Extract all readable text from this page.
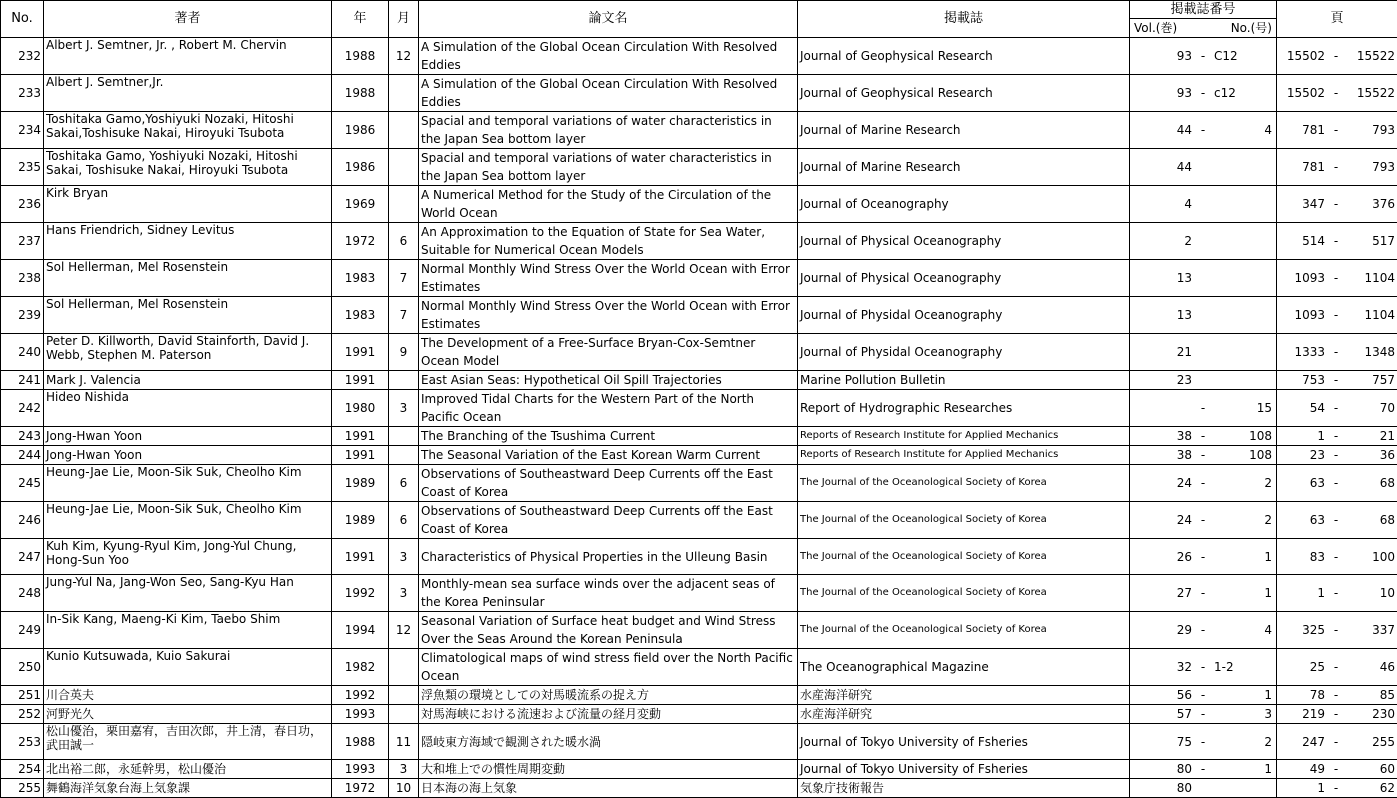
No.	著者	年	月	論文名	掲載誌	掲載誌番号
Vol.(巻) No.(号)	頁
232	Albert J. Semtner, Jr. , Robert M. Chervin	1988	12	A Simulation of the Global Ocean Circulation With Resolved Eddies	Journal of Geophysical Research	93 - C12	15502 - 15522

233	Albert J. Semtner,Jr.	1988		A Simulation of the Global Ocean Circulation With Resolved Eddies	Journal of Geophysical Research	93 - c12	15502 - 15522

234	Toshitaka Gamo,Yoshiyuki Nozaki, Hitoshi Sakai,Toshisuke Nakai, Hiroyuki Tsubota	1986		Spacial and temporal variations of water characteristics in the Japan Sea bottom layer	Journal of Marine Research	44 - 4	781 - 793

235	Toshitaka Gamo, Yoshiyuki Nozaki, Hitoshi Sakai, Toshisuke Nakai, Hiroyuki Tsubota	1986		Spacial and temporal variations of water characteristics in the Japan Sea bottom layer	Journal of Marine Research	44	781 - 793

236	Kirk Bryan	1969		A Numerical Method for the Study of the Circulation of the World Ocean	Journal of Oceanography	4	347 - 376

237	Hans Friendrich, Sidney Levitus	1972	6	An Approximation to the Equation of State for Sea Water, Suitable for Numerical Ocean Models	Journal of Physical Oceanography	2	514 - 517

238	Sol Hellerman, Mel Rosenstein	1983	7	Normal Monthly Wind Stress Over the World Ocean with Error Estimates	Journal of Physical Oceanography	13	1093 - 1104

239	Sol Hellerman, Mel Rosenstein	1983	7	Normal Monthly Wind Stress Over the World Ocean with Error Estimates	Journal of Physidal Oceanography	13	1093 - 1104

240	Peter D. Killworth, David Stainforth, David J. Webb, Stephen M. Paterson	1991	9	The Development of a Free-Surface Bryan-Cox-Semtner Ocean Model	Journal of Physidal Oceanography	21	1333 - 1348

241	Mark J. Valencia	1991		East Asian Seas: Hypothetical Oil Spill Trajectories	Marine Pollution Bulletin	23	753 - 757

242	Hideo Nishida	1980	3	Improved Tidal Charts for the Western Part of the North Pacific Ocean	Report of Hydrographic Researches	- 15	54 - 70

243	Jong-Hwan Yoon	1991		The Branching of the Tsushima Current	Reports of Research Institute for Applied Mechanics	38 - 108	1 - 21

244	Jong-Hwan Yoon	1991		The Seasonal Variation of the East Korean Warm Current	Reports of Research Institute for Applied Mechanics	38 - 108	23 - 36

245	Heung-Jae Lie, Moon-Sik Suk, Cheolho Kim	1989	6	Observations of Southeastward Deep Currents off the East Coast of Korea	The Journal of the Oceanological Society of Korea	24 - 2	63 - 68

246	Heung-Jae Lie, Moon-Sik Suk, Cheolho Kim	1989	6	Observations of Southeastward Deep Currents off the East Coast of Korea	The Journal of the Oceanological Society of Korea	24 - 2	63 - 68

247	Kuh Kim, Kyung-Ryul Kim, Jong-Yul Chung, Hong-Sun Yoo	1991	3	Characteristics of Physical Properties in the Ulleung Basin	The Journal of the Oceanological Society of Korea	26 - 1	83 - 100

248	Jung-Yul Na, Jang-Won Seo, Sang-Kyu Han	1992	3	Monthly-mean sea surface winds over the adjacent seas of the Korea Peninsular	The Journal of the Oceanological Society of Korea	27 - 1	1 - 10

249	In-Sik Kang, Maeng-Ki Kim, Taebo Shim	1994	12	Seasonal Variation of Surface heat budget and Wind Stress Over the Seas Around the Korean Peninsula	The Journal of the Oceanological Society of Korea	29 - 4	325 - 337

250	Kunio Kutsuwada, Kuio Sakurai	1982		Climatological maps of wind stress field over the North Pacific Ocean	The Oceanographical Magazine	32 - 1-2	25 - 46

251	川合英夫	1992		浮魚類の環境としての対馬暖流系の捉え方	水産海洋研究	56 - 1	78 - 85

252	河野光久	1993		対馬海峡における流速および流量の経月変動	水産海洋研究	57 - 3	219 - 230

253	松山優治，栗田嘉宥，吉田次郎，井上清，春日功，武田誠一	1988	11	隠岐東方海域で観測された暖水渦	Journal of Tokyo University of Fsheries	75 - 2	247 - 255

254	北出裕二郎，永延幹男，松山優治	1993	3	大和堆上での慣性周期変動	Journal of Tokyo University of Fsheries	80 - 1	49 - 60

255	舞鶴海洋気象台海上気象課	1972	10	日本海の海上気象	気象庁技術報告	80	1 - 62
